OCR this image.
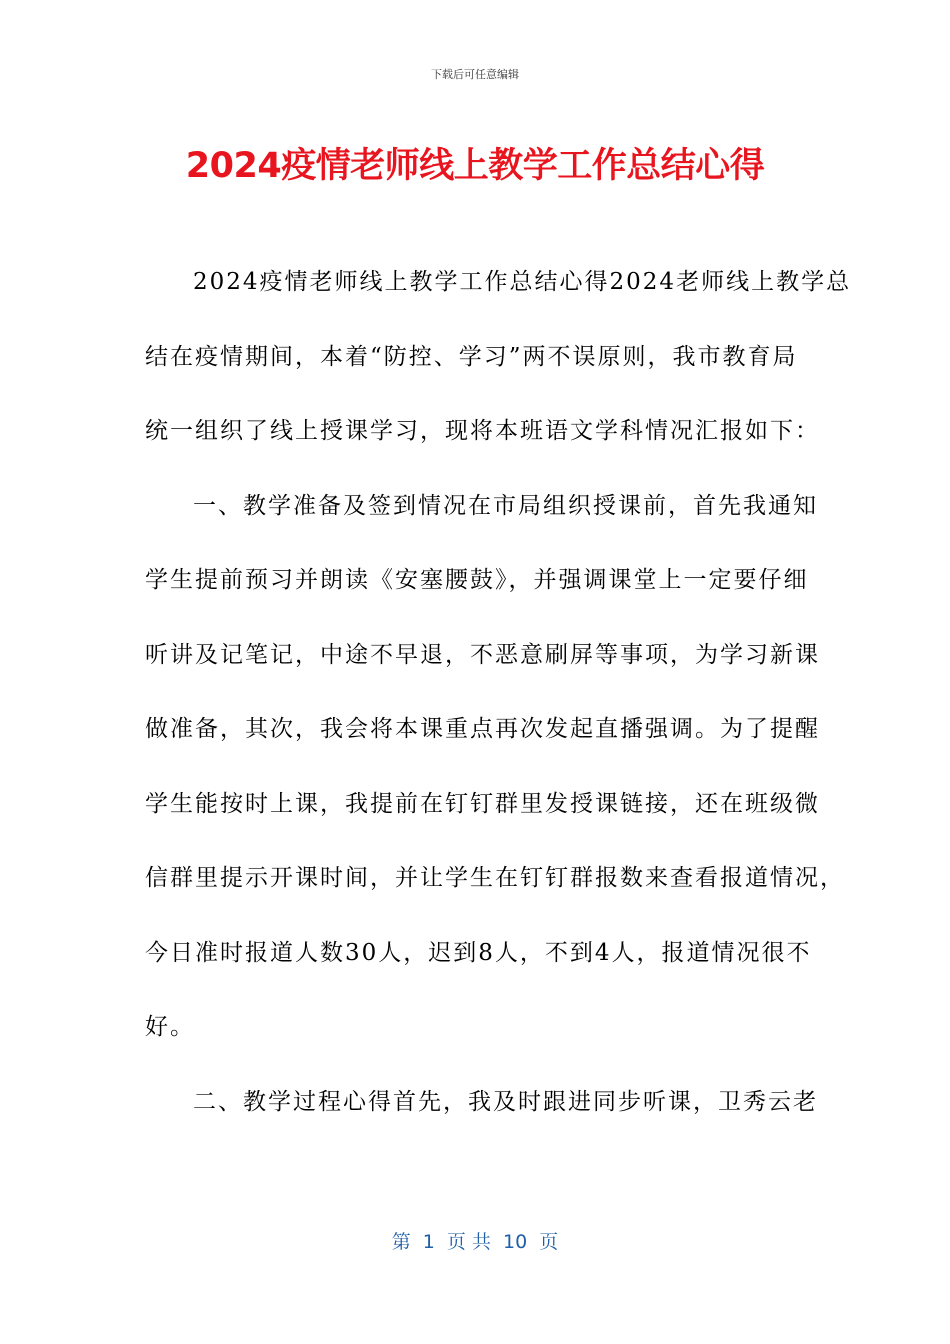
下载后可任意编辑
2024疫情老师线上教学工作总结心得
2024疫情老师线上教学工作总结心得2024老师线上教学总
结在疫情期间，本着“防控、学习”两不误原则，我市教育局
统一组织了线上授课学习，现将本班语文学科情况汇报如下：
一、教学准备及签到情况在市局组织授课前，首先我通知
学生提前预习并朗读《安塞腰鼓》，并强调课堂上一定要仔细
听讲及记笔记，中途不早退，不恶意刷屏等事项，为学习新课
做准备，其次，我会将本课重点再次发起直播强调。为了提醒
学生能按时上课，我提前在钉钉群里发授课链接，还在班级微
信群里提示开课时间，并让学生在钉钉群报数来查看报道情况，
今日准时报道人数30人，迟到8人，不到4人，报道情况很不
好。
二、教学过程心得首先，我及时跟进同步听课，卫秀云老
第  1  页 共  10  页
